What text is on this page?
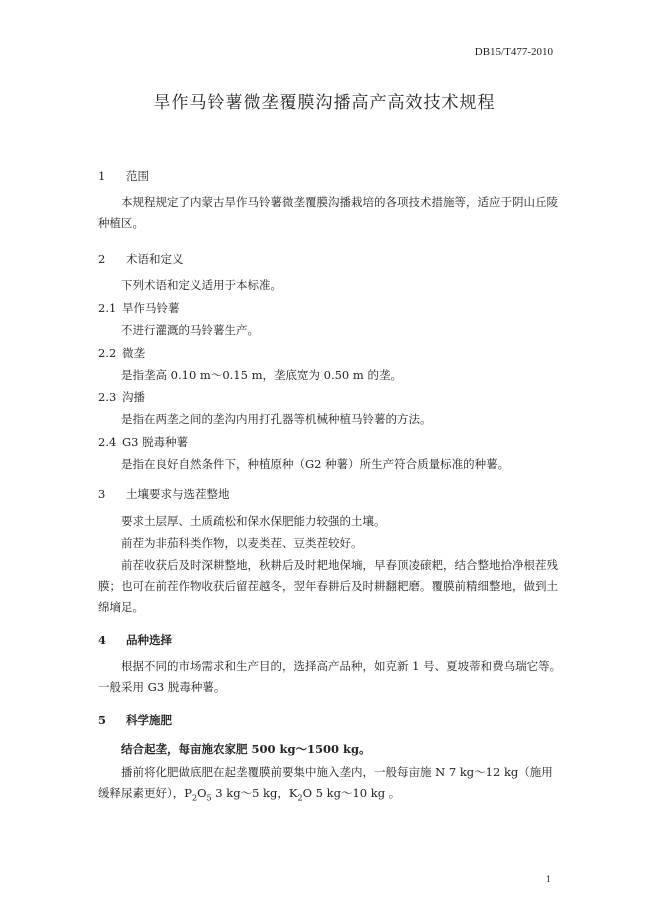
DB15/T477-2010
旱作马铃薯微垄覆膜沟播高产高效技术规程
1 范围
本规程规定了内蒙古旱作马铃薯微垄覆膜沟播栽培的各项技术措施等，适应于阴山丘陵种植区。
2 术语和定义
下列术语和定义适用于本标准。
2.1 旱作马铃薯
不进行灌溉的马铃薯生产。
2.2 微垄
是指垄高 0.10 m～0.15 m，垄底宽为 0.50 m 的垄。
2.3 沟播
是指在两垄之间的垄沟内用打孔器等机械种植马铃薯的方法。
2.4 G3 脱毒种薯
是指在良好自然条件下，种植原种（G2 种薯）所生产符合质量标准的种薯。
3 土壤要求与选茬整地
要求土层厚、土质疏松和保水保肥能力较强的土壤。
前茬为非茄科类作物，以麦类茬、豆类茬较好。
前茬收获后及时深耕整地，秋耕后及时耙地保墒，早春顶凌磙耙，结合整地拾净根茬残膜；也可在前茬作物收获后留茬越冬，翌年春耕后及时耕翻耙磨。覆膜前精细整地，做到土绵墒足。
4 品种选择
根据不同的市场需求和生产目的，选择高产品种，如克新 1 号、夏坡蒂和费乌瑞它等。一般采用 G3 脱毒种薯。
5 科学施肥
结合起垄，每亩施农家肥 500 kg～1500 kg。
播前将化肥做底肥在起垄覆膜前要集中施入垄内，一般每亩施 N 7 kg～12 kg（施用缓释尿素更好），$P_2O_5$ 3 kg～5 kg，$K_2O$ 5 kg～10 kg 。
1
